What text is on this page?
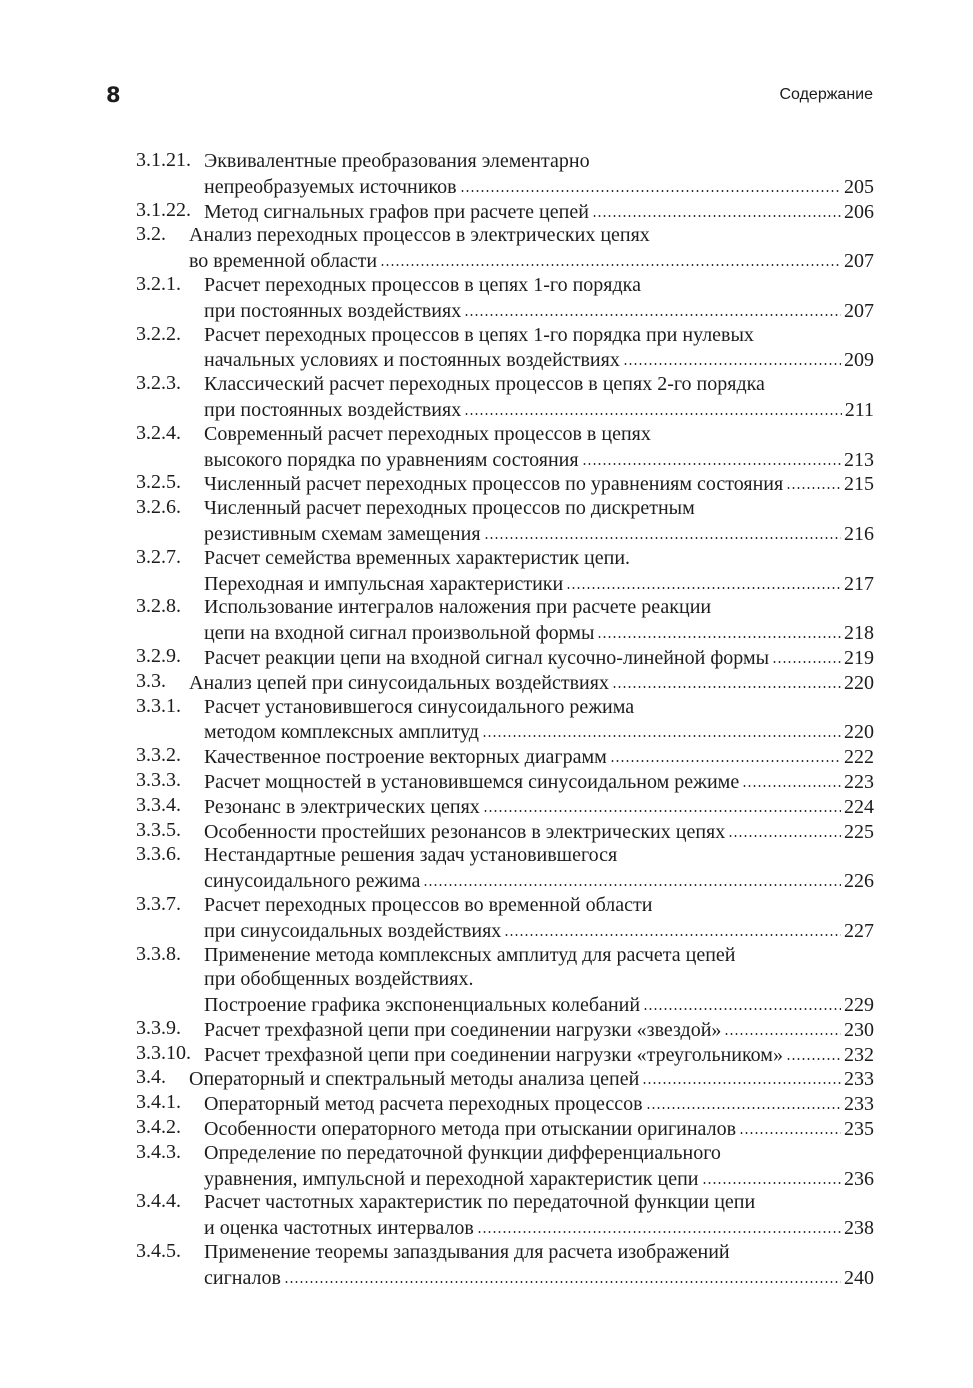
8	Содержание
3.1.21. Эквивалентные преобразования элементарно
непреобразуемых источников	205
3.1.22. Метод сигнальных графов при расчете цепей	206
3.2. Анализ переходных процессов в электрических цепях
во временной области	207
3.2.1. Расчет переходных процессов в цепях 1-го порядка
при постоянных воздействиях	207
3.2.2. Расчет переходных процессов в цепях 1-го порядка при нулевых
начальных условиях и постоянных воздействиях	209
3.2.3. Классический расчет переходных процессов в цепях 2-го порядка
при постоянных воздействиях	211
3.2.4. Современный расчет переходных процессов в цепях
высокого порядка по уравнениям состояния	213
3.2.5. Численный расчет переходных процессов по уравнениям состояния	215
3.2.6. Численный расчет переходных процессов по дискретным
резистивным схемам замещения	216
3.2.7. Расчет семейства временных характеристик цепи.
Переходная и импульсная характеристики	217
3.2.8. Использование интегралов наложения при расчете реакции
цепи на входной сигнал произвольной формы	218
3.2.9. Расчет реакции цепи на входной сигнал кусочно-линейной формы	219
3.3. Анализ цепей при синусоидальных воздействиях	220
3.3.1. Расчет установившегося синусоидального режима
методом комплексных амплитуд	220
3.3.2. Качественное построение векторных диаграмм	222
3.3.3. Расчет мощностей в установившемся синусоидальном режиме	223
3.3.4. Резонанс в электрических цепях	224
3.3.5. Особенности простейших резонансов в электрических цепях	225
3.3.6. Нестандартные решения задач установившегося
синусоидального режима	226
3.3.7. Расчет переходных процессов во временной области
при синусоидальных воздействиях	227
3.3.8. Применение метода комплексных амплитуд для расчета цепей
при обобщенных воздействиях.
Построение графика экспоненциальных колебаний	229
3.3.9. Расчет трехфазной цепи при соединении нагрузки «звездой»	230
3.3.10. Расчет трехфазной цепи при соединении нагрузки «треугольником»	232
3.4. Операторный и спектральный методы анализа цепей	233
3.4.1. Операторный метод расчета переходных процессов	233
3.4.2. Особенности операторного метода при отыскании оригиналов	235
3.4.3. Определение по передаточной функции дифференциального
уравнения, импульсной и переходной характеристик цепи	236
3.4.4. Расчет частотных характеристик по передаточной функции цепи
и оценка частотных интервалов	238
3.4.5. Применение теоремы запаздывания для расчета изображений
сигналов	240
